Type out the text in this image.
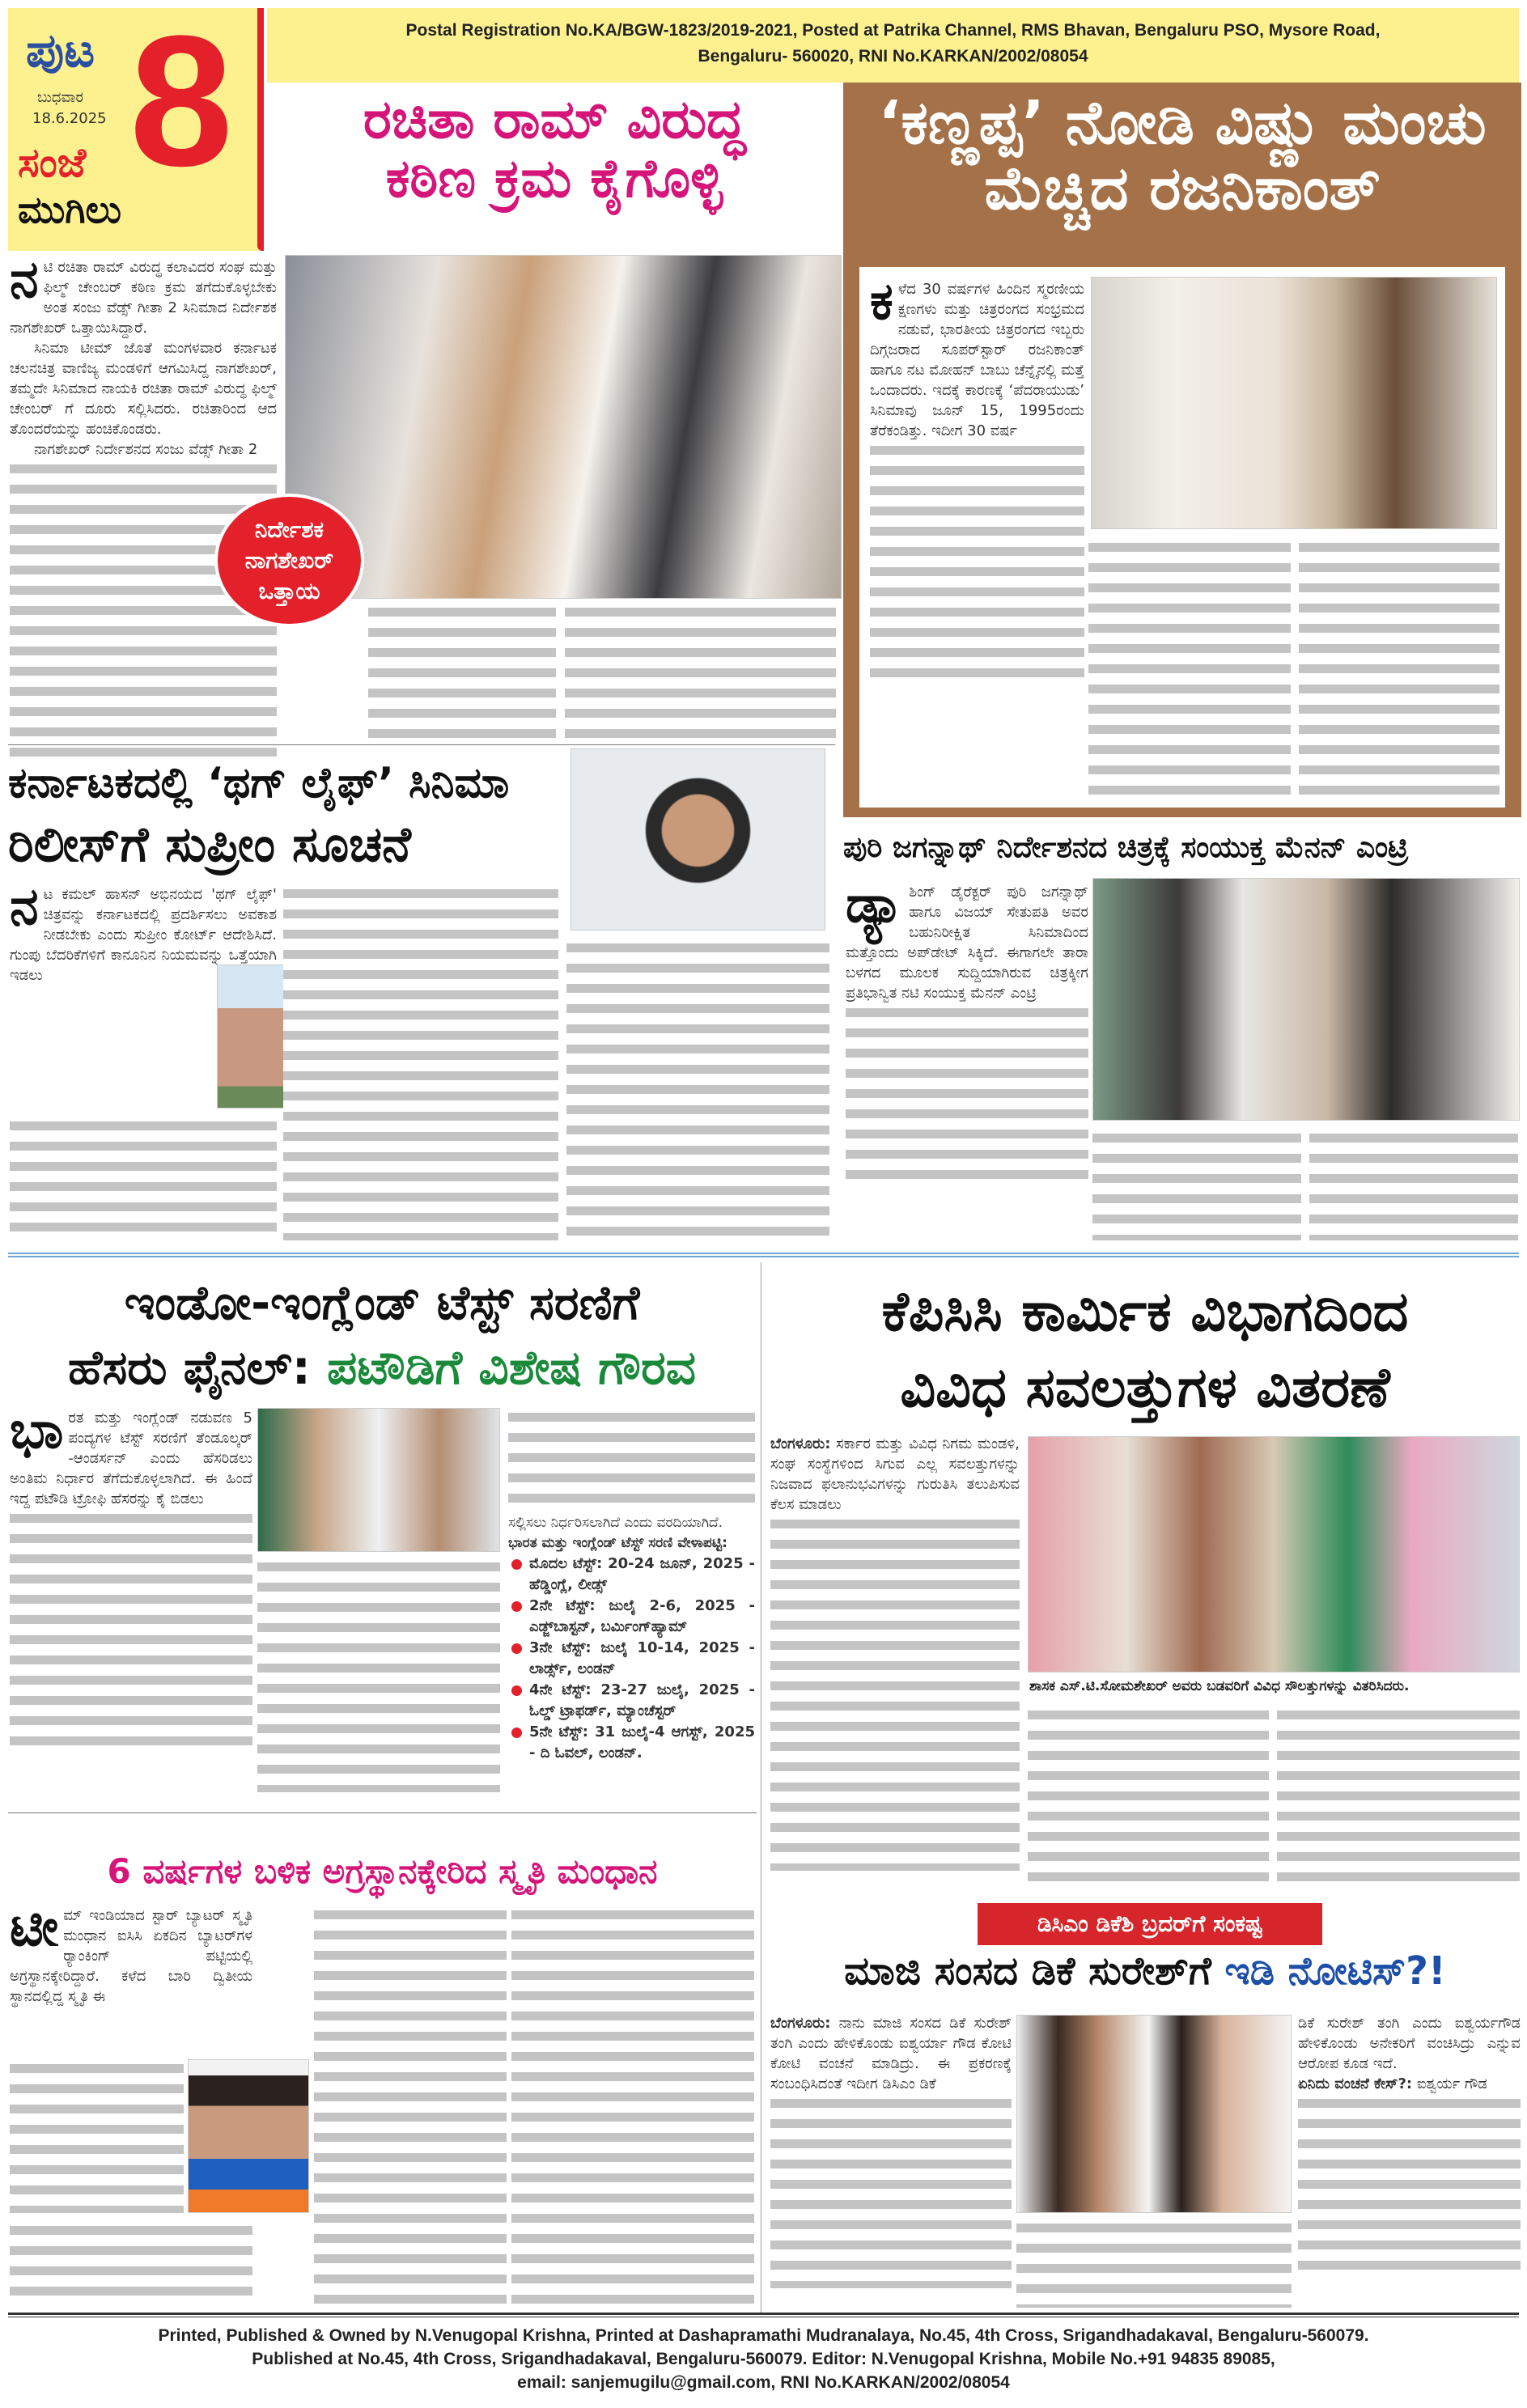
ಪುಟ 8
ಬುಧವಾರ
18.6.2025
ಸಂಜೆ
ಮುಗಿಲು
Postal Registration No.KA/BGW-1823/2019-2021, Posted at Patrika Channel, RMS Bhavan, Bengaluru PSO, Mysore Road,
Bengaluru- 560020, RNI No.KARKAN/2002/08054
ರಚಿತಾ ರಾಮ್ ವಿರುದ್ಧ
ಕಠಿಣ ಕ್ರಮ ಕೈಗೊಳ್ಳಿ
ನ ಟಿ ರಚಿತಾ ರಾಮ್ ವಿರುದ್ಧ ಕಲಾವಿದರ ಸಂಘ ಮತ್ತು ಫಿಲ್ಮ್ ಚೇಂಬರ್ ಕಠಿಣ ಕ್ರಮ ತಗೆದುಕೊಳ್ಳಬೇಕು ಅಂತ ಸಂಜು ವೆಡ್ಸ್ ಗೀತಾ 2 ಸಿನಿಮಾದ ನಿರ್ದೇಶಕ ನಾಗಶೇಖರ್ ಒತ್ತಾಯಿಸಿದ್ದಾರೆ.

ಸಿನಿಮಾ ಟೀಮ್ ಜೊತೆ ಮಂಗಳವಾರ ಕರ್ನಾಟಕ ಚಲನಚಿತ್ರ ವಾಣಿಜ್ಯ ಮಂಡಳಿಗೆ ಆಗಮಿಸಿದ್ದ ನಾಗಶೇಖರ್, ತಮ್ಮದೇ ಸಿನಿಮಾದ ನಾಯಕಿ ರಚಿತಾ ರಾಮ್ ವಿರುದ್ಧ ಫಿಲ್ಮ್ ಚೇಂಬರ್ ಗೆ ದೂರು ಸಲ್ಲಿಸಿದರು. ರಚಿತಾರಿಂದ ಆದ ತೊಂದರೆಯನ್ನು ಹಂಚಿಕೊಂಡರು.

ನಾಗಶೇಖರ್ ನಿರ್ದೇಶನದ ಸಂಜು ವೆಡ್ಸ್ ಗೀತಾ 2

ನಿರ್ದೇಶಕ
ನಾಗಶೇಖರ್
ಒತ್ತಾಯ
‘ಕಣ್ಣಪ್ಪ’ ನೋಡಿ ವಿಷ್ಣು ಮಂಚು
ಮೆಚ್ಚಿದ ರಜನಿಕಾಂತ್
ಕ ಳೆದ 30 ವರ್ಷಗಳ ಹಿಂದಿನ ಸ್ಮರಣೀಯ ಕ್ಷಣಗಳು ಮತ್ತು ಚಿತ್ರರಂಗದ ಸಂಭ್ರಮದ ನಡುವೆ, ಭಾರತೀಯ ಚಿತ್ರರಂಗದ ಇಬ್ಬರು ದಿಗ್ಗಜರಾದ ಸೂಪರ್‌ಸ್ಟಾರ್ ರಜನಿಕಾಂತ್ ಹಾಗೂ ನಟ ಮೋಹನ್ ಬಾಬು ಚೆನ್ನೈನಲ್ಲಿ ಮತ್ತೆ ಒಂದಾದರು. ಇದಕ್ಕೆ ಕಾರಣಕ್ಕೆ ‘ಪೆದರಾಯುಡು’ ಸಿನಿಮಾವು ಜೂನ್ 15, 1995ರಂದು ತೆರೆಕಂಡಿತ್ತು. ಇದೀಗ 30 ವರ್ಷ

ಕರ್ನಾಟಕದಲ್ಲಿ ‘ಥಗ್ ಲೈಫ್’ ಸಿನಿಮಾ
ರಿಲೀಸ್‌ಗೆ ಸುಪ್ರೀಂ ಸೂಚನೆ
ನ ಟ ಕಮಲ್ ಹಾಸನ್ ಅಭಿನಯದ 'ಥಗ್ ಲೈಫ್' ಚಿತ್ರವನ್ನು ಕರ್ನಾಟಕದಲ್ಲಿ ಪ್ರದರ್ಶಿಸಲು ಅವಕಾಶ ನೀಡಬೇಕು ಎಂದು ಸುಪ್ರೀಂ ಕೋರ್ಟ್ ಆದೇಶಿಸಿದೆ. ಗುಂಪು ಬೆದರಿಕೆಗಳಿಗೆ ಕಾನೂನಿನ ನಿಯಮವನ್ನು ಒತ್ತೆಯಾಗಿ ಇಡಲು

ಪುರಿ ಜಗನ್ನಾಥ್ ನಿರ್ದೇಶನದ ಚಿತ್ರಕ್ಕೆ ಸಂಯುಕ್ತ ಮೆನನ್ ಎಂಟ್ರಿ
ಡ್ಯಾ ಶಿಂಗ್ ಡೈರೆಕ್ಟರ್ ಪುರಿ ಜಗನ್ನಾಥ್ ಹಾಗೂ ವಿಜಯ್ ಸೇತುಪತಿ ಅವರ ಬಹುನಿರೀಕ್ಷಿತ ಸಿನಿಮಾದಿಂದ ಮತ್ತೊಂದು ಅಪ್‌ಡೇಟ್ ಸಿಕ್ಕಿದೆ. ಈಗಾಗಲೇ ತಾರಾ ಬಳಗದ ಮೂಲಕ ಸುದ್ದಿಯಾಗಿರುವ ಚಿತ್ರಕ್ಕೀಗ ಪ್ರತಿಭಾನ್ವಿತ ನಟಿ ಸಂಯುಕ್ತ ಮೆನನ್ ಎಂಟ್ರಿ

ಇಂಡೋ-ಇಂಗ್ಲೆಂಡ್ ಟೆಸ್ಟ್ ಸರಣಿಗೆ
ಹೆಸರು ಫೈನಲ್: ಪಟೌಡಿಗೆ ವಿಶೇಷ ಗೌರವ
ಭಾ ರತ ಮತ್ತು ಇಂಗ್ಲೆಂಡ್ ನಡುವಣ 5 ಪಂದ್ಯಗಳ ಟೆಸ್ಟ್ ಸರಣಿಗೆ ತೆಂಡೂಲ್ಕರ್ -ಆಂಡರ್ಸನ್ ಎಂದು ಹೆಸರಿಡಲು ಅಂತಿಮ ನಿರ್ಧಾರ ತೆಗೆದುಕೊಳ್ಳಲಾಗಿದೆ. ಈ ಹಿಂದೆ ಇದ್ದ ಪಟೌಡಿ ಟ್ರೋಫಿ ಹೆಸರನ್ನು ಕೈ ಬಿಡಲು

ಸಲ್ಲಿಸಲು ನಿರ್ಧರಿಸಲಾಗಿದೆ ಎಂದು ವರದಿಯಾಗಿದೆ.

ಭಾರತ ಮತ್ತು ಇಂಗ್ಲೆಂಡ್ ಟೆಸ್ಟ್ ಸರಣಿ ವೇಳಾಪಟ್ಟಿ:

ಮೊದಲ ಟೆಸ್ಟ್: 20-24 ಜೂನ್, 2025 - ಹೆಡ್ಡಿಂಗ್ಲೆ, ಲೀಡ್ಸ್
2ನೇ ಟೆಸ್ಟ್: ಜುಲೈ 2-6, 2025 - ಎಡ್ಜ್‌ಬಾಸ್ಟನ್, ಬರ್ಮಿಂಗ್‌ಹ್ಯಾಮ್
3ನೇ ಟೆಸ್ಟ್: ಜುಲೈ 10-14, 2025 - ಲಾರ್ಡ್ಸ್, ಲಂಡನ್
4ನೇ ಟೆಸ್ಟ್: 23-27 ಜುಲೈ, 2025 - ಓಲ್ಡ್ ಟ್ರಾಫರ್ಡ್, ಮ್ಯಾಂಚೆಸ್ಟರ್
5ನೇ ಟೆಸ್ಟ್: 31 ಜುಲೈ-4 ಆಗಸ್ಟ್, 2025 - ದಿ ಓವಲ್, ಲಂಡನ್.
ಕೆಪಿಸಿಸಿ ಕಾರ್ಮಿಕ ವಿಭಾಗದಿಂದ
ವಿವಿಧ ಸವಲತ್ತುಗಳ ವಿತರಣೆ

ಬೆಂಗಳೂರು: ಸರ್ಕಾರ ಮತ್ತು ವಿವಿಧ ನಿಗಮ ಮಂಡಳಿ, ಸಂಘ ಸಂಸ್ಥೆಗಳಿಂದ ಸಿಗುವ ಎಲ್ಲ ಸವಲತ್ತುಗಳನ್ನು ನಿಜವಾದ ಫಲಾನುಭವಿಗಳನ್ನು ಗುರುತಿಸಿ ತಲುಪಿಸುವ ಕೆಲಸ ಮಾಡಲು

ಶಾಸಕ ಎಸ್.ಟಿ.ಸೋಮಶೇಖರ್ ಅವರು ಬಡವರಿಗೆ ವಿವಿಧ ಸೌಲತ್ತುಗಳನ್ನು ವಿತರಿಸಿದರು.
6 ವರ್ಷಗಳ ಬಳಿಕ ಅಗ್ರಸ್ಥಾನಕ್ಕೇರಿದ ಸ್ಮೃತಿ ಮಂಧಾನ
ಟೀ ಮ್ ಇಂಡಿಯಾದ ಸ್ಟಾರ್ ಬ್ಯಾಟರ್ ಸ್ಮೃತಿ ಮಂಧಾನ ಐಸಿಸಿ ಏಕದಿನ ಬ್ಯಾಟರ್‌ಗಳ ರ್‍ಯಾಂಕಿಂಗ್ ಪಟ್ಟಿಯಲ್ಲಿ ಅಗ್ರಸ್ಥಾನಕ್ಕೇರಿದ್ದಾರೆ. ಕಳೆದ ಬಾರಿ ದ್ವಿತೀಯ ಸ್ಥಾನದಲ್ಲಿದ್ದ ಸ್ಮೃತಿ ಈ

ಡಿಸಿಎಂ ಡಿಕೆಶಿ ಬ್ರದರ್‌ಗೆ ಸಂಕಷ್ಟ
ಮಾಜಿ ಸಂಸದ ಡಿಕೆ ಸುರೇಶ್‌ಗೆ ಇಡಿ ನೋಟಿಸ್?!

ಬೆಂಗಳೂರು: ನಾನು ಮಾಜಿ ಸಂಸದ ಡಿಕೆ ಸುರೇಶ್ ತಂಗಿ ಎಂದು ಹೇಳಿಕೊಂಡು ಐಶ್ವರ್ಯಾ ಗೌಡ ಕೋಟಿ ಕೋಟಿ ವಂಚನೆ ಮಾಡಿದ್ರು. ಈ ಪ್ರಕರಣಕ್ಕೆ ಸಂಬಂಧಿಸಿದಂತೆ ಇದೀಗ ಡಿಸಿಎಂ ಡಿಕೆ

ಡಿಕೆ ಸುರೇಶ್ ತಂಗಿ ಎಂದು ಐಶ್ವರ್ಯಗೌಡ ಹೇಳಿಕೊಂಡು ಅನೇಕರಿಗೆ ವಂಚಿಸಿದ್ರು ಎನ್ನುವ ಆರೋಪ ಕೂಡ ಇದೆ.

ಏನಿದು ವಂಚನೆ ಕೇಸ್?: ಐಶ್ವರ್ಯ ಗೌಡ

Printed, Published & Owned by N.Venugopal Krishna, Printed at Dashapramathi Mudranalaya, No.45, 4th Cross, Srigandhadakaval, Bengaluru-560079.
Published at No.45, 4th Cross, Srigandhadakaval, Bengaluru-560079. Editor: N.Venugopal Krishna, Mobile No.+91 94835 89085,
email: sanjemugilu@gmail.com, RNI No.KARKAN/2002/08054
